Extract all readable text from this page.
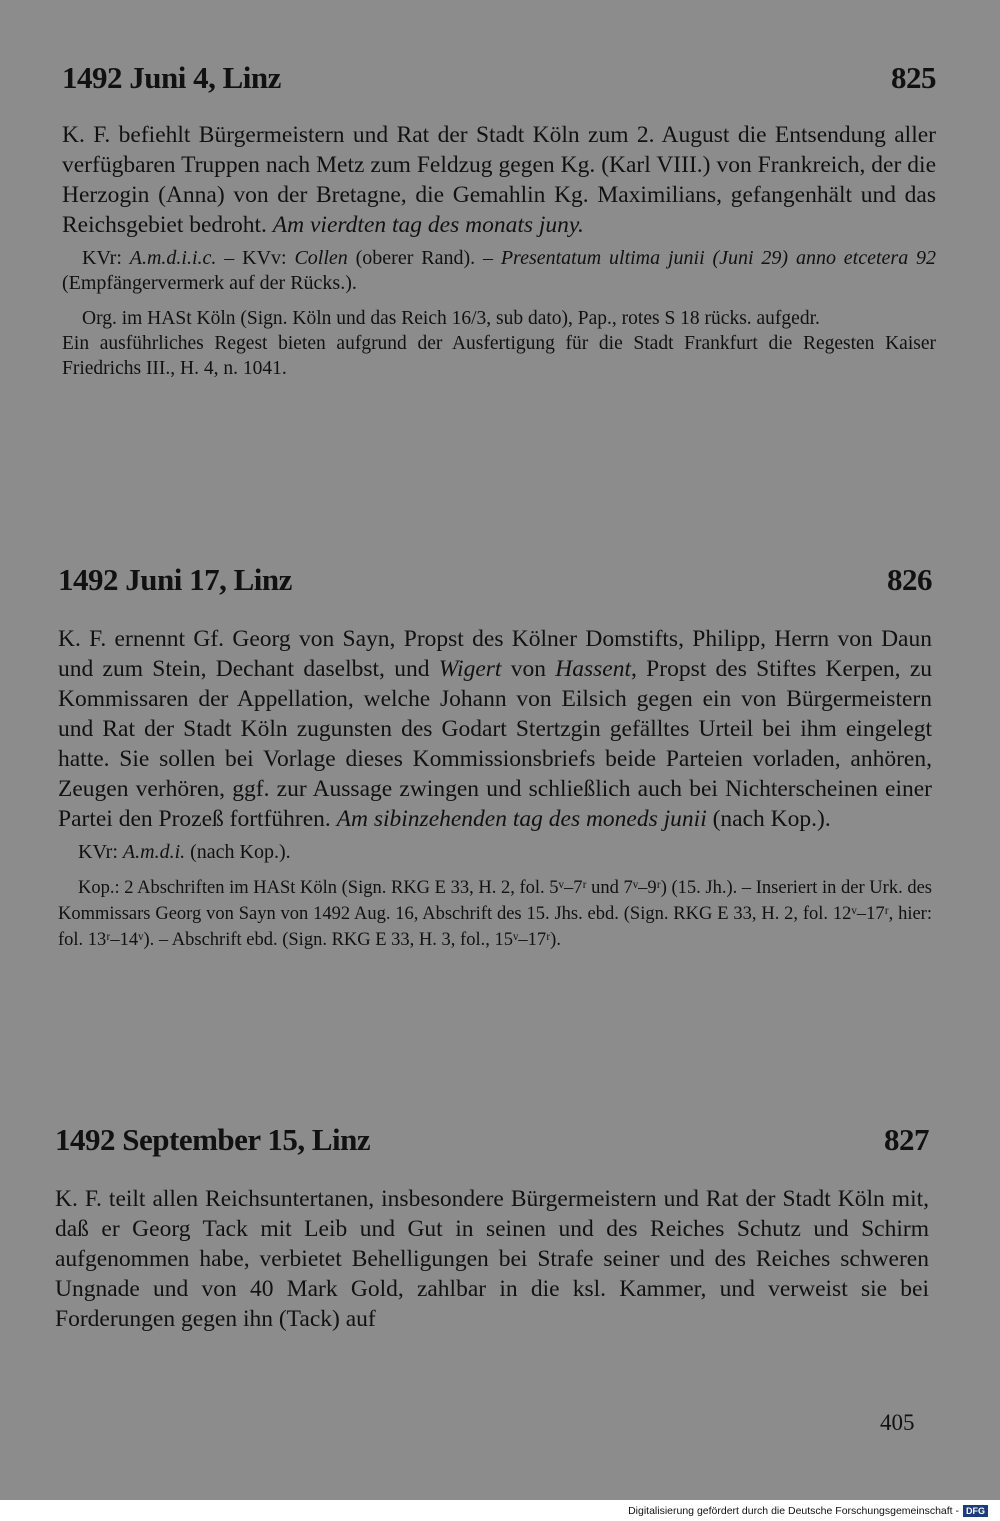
1492 Juni 4, Linz	825
K. F. befiehlt Bürgermeistern und Rat der Stadt Köln zum 2. August die Entsendung aller verfügbaren Truppen nach Metz zum Feldzug gegen Kg. (Karl VIII.) von Frankreich, der die Herzogin (Anna) von der Bretagne, die Gemahlin Kg. Maximilians, gefangenhält und das Reichsgebiet bedroht. Am vierdten tag des monats juny.
KVr: A.m.d.i.i.c. – KVv: Collen (oberer Rand). – Presentatum ultima junii (Juni 29) anno etcetera 92 (Empfängervermerk auf der Rücks.).

Org. im HASt Köln (Sign. Köln und das Reich 16/3, sub dato), Pap., rotes S 18 rücks. aufgedr.

Ein ausführliches Regest bieten aufgrund der Ausfertigung für die Stadt Frankfurt die Regesten Kaiser Friedrichs III., H. 4, n. 1041.

1492 Juni 17, Linz	826
K. F. ernennt Gf. Georg von Sayn, Propst des Kölner Domstifts, Philipp, Herrn von Daun und zum Stein, Dechant daselbst, und Wigert von Hassent, Propst des Stiftes Kerpen, zu Kommissaren der Appellation, welche Johann von Eilsich gegen ein von Bürgermeistern und Rat der Stadt Köln zugunsten des Godart Stertzgin gefälltes Urteil bei ihm eingelegt hatte. Sie sollen bei Vorlage dieses Kommissionsbriefs beide Parteien vorladen, anhören, Zeugen verhören, ggf. zur Aussage zwingen und schließlich auch bei Nichterscheinen einer Partei den Prozeß fortführen. Am sibinzehenden tag des moneds junii (nach Kop.).
KVr: A.m.d.i. (nach Kop.).

Kop.: 2 Abschriften im HASt Köln (Sign. RKG E 33, H. 2, fol. 5ᵛ–7ʳ und 7ᵛ–9ʳ) (15. Jh.). – Inseriert in der Urk. des Kommissars Georg von Sayn von 1492 Aug. 16, Abschrift des 15. Jhs. ebd. (Sign. RKG E 33, H. 2, fol. 12ᵛ–17ʳ, hier: fol. 13ʳ–14ᵛ). – Abschrift ebd. (Sign. RKG E 33, H. 3, fol., 15ᵛ–17ʳ).

1492 September 15, Linz	827
K. F. teilt allen Reichsuntertanen, insbesondere Bürgermeistern und Rat der Stadt Köln mit, daß er Georg Tack mit Leib und Gut in seinen und des Reiches Schutz und Schirm aufgenommen habe, verbietet Behelligungen bei Strafe seiner und des Reiches schweren Ungnade und von 40 Mark Gold, zahlbar in die ksl. Kammer, und verweist sie bei Forderungen gegen ihn (Tack) auf
405
Digitalisierung gefördert durch die Deutsche Forschungsgemeinschaft - DFG
